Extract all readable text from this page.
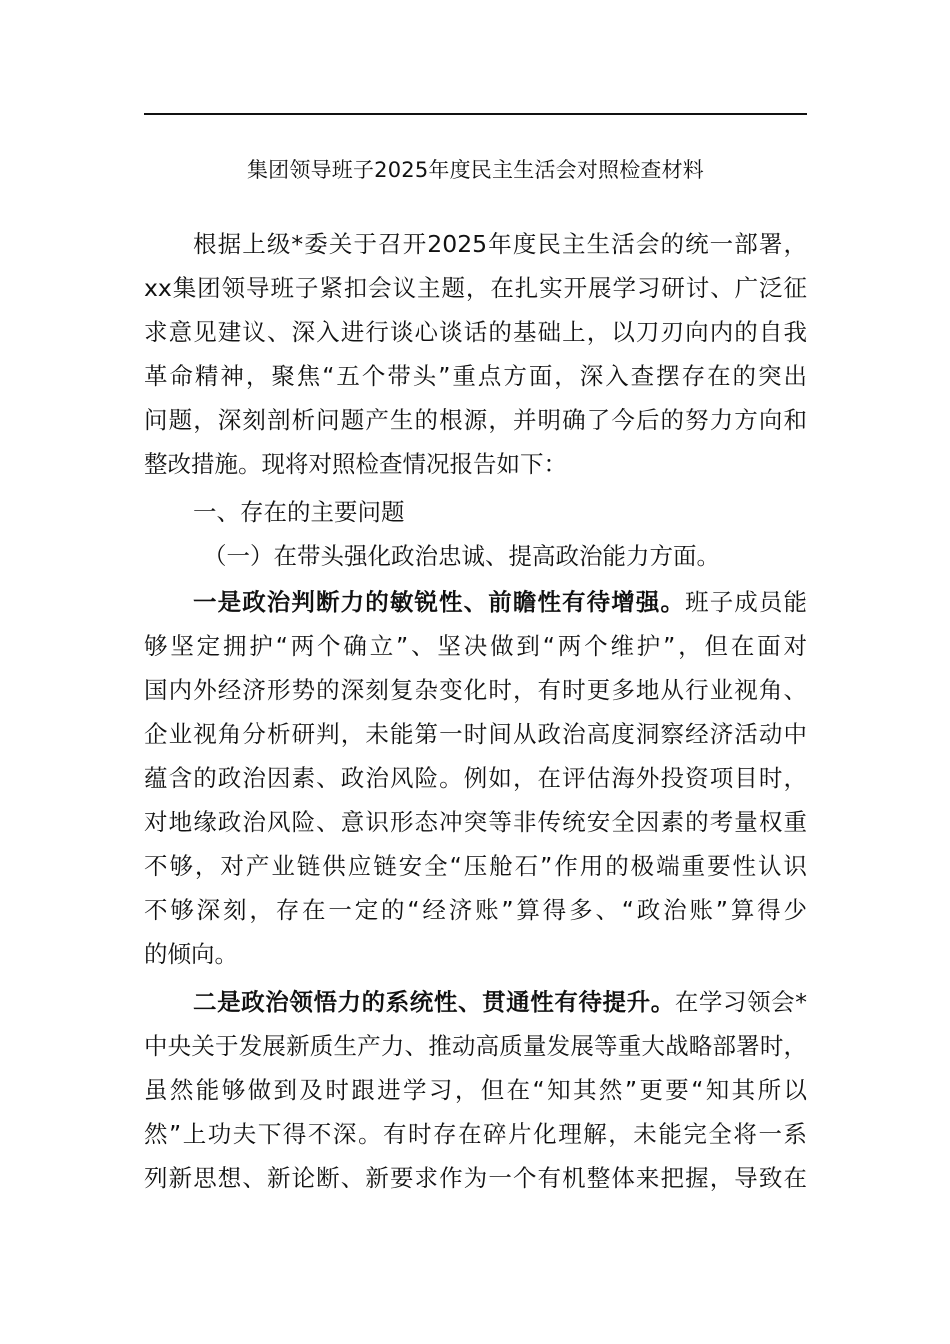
集团领导班子2025年度民主生活会对照检查材料
根据上级*委关于召开2025年度民主生活会的统一部署，
xx集团领导班子紧扣会议主题，在扎实开展学习研讨、广泛征
求意见建议、深入进行谈心谈话的基础上，以刀刃向内的自我
革命精神，聚焦“五个带头”重点方面，深入查摆存在的突出
问题，深刻剖析问题产生的根源，并明确了今后的努力方向和
整改措施。现将对照检查情况报告如下：
一、存在的主要问题
（一）在带头强化政治忠诚、提高政治能力方面。
一是政治判断力的敏锐性、前瞻性有待增强。班子成员能
够坚定拥护“两个确立”、坚决做到“两个维护”，但在面对
国内外经济形势的深刻复杂变化时，有时更多地从行业视角、
企业视角分析研判，未能第一时间从政治高度洞察经济活动中
蕴含的政治因素、政治风险。例如，在评估海外投资项目时，
对地缘政治风险、意识形态冲突等非传统安全因素的考量权重
不够，对产业链供应链安全“压舱石”作用的极端重要性认识
不够深刻，存在一定的“经济账”算得多、“政治账”算得少
的倾向。
二是政治领悟力的系统性、贯通性有待提升。在学习领会*
中央关于发展新质生产力、推动高质量发展等重大战略部署时，
虽然能够做到及时跟进学习，但在“知其然”更要“知其所以
然”上功夫下得不深。有时存在碎片化理解，未能完全将一系
列新思想、新论断、新要求作为一个有机整体来把握，导致在
